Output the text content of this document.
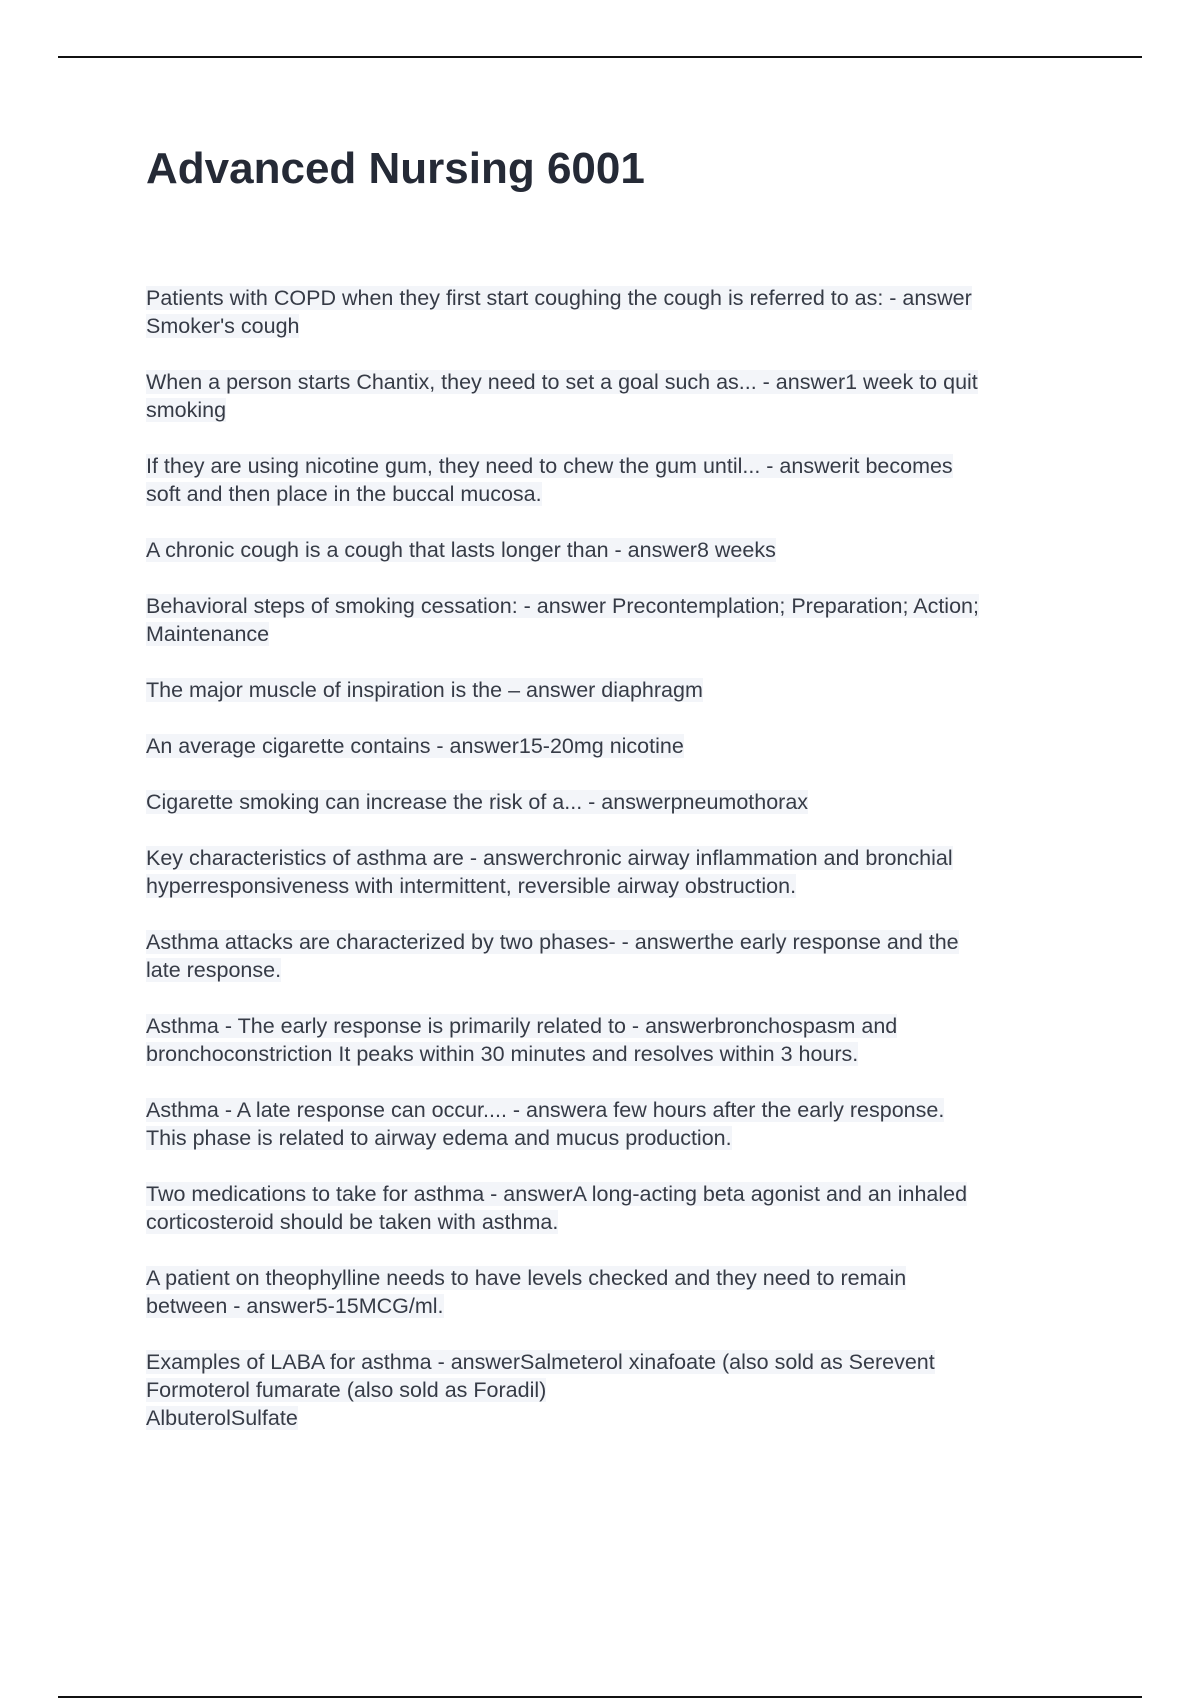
Advanced Nursing 6001
Patients with COPD when they first start coughing the cough is referred to as: - answer
Smoker's cough
When a person starts Chantix, they need to set a goal such as... - answer1 week to quit
smoking
If they are using nicotine gum, they need to chew the gum until... - answerit becomes
soft and then place in the buccal mucosa.
A chronic cough is a cough that lasts longer than - answer8 weeks
Behavioral steps of smoking cessation: - answer Precontemplation; Preparation; Action;
Maintenance
The major muscle of inspiration is the – answer diaphragm
An average cigarette contains - answer15-20mg nicotine
Cigarette smoking can increase the risk of a... - answerpneumothorax
Key characteristics of asthma are - answerchronic airway inflammation and bronchial
hyperresponsiveness with intermittent, reversible airway obstruction.
Asthma attacks are characterized by two phases- - answerthe early response and the
late response.
Asthma - The early response is primarily related to - answerbronchospasm and
bronchoconstriction It peaks within 30 minutes and resolves within 3 hours.
Asthma - A late response can occur.... - answera few hours after the early response.
This phase is related to airway edema and mucus production.
Two medications to take for asthma - answerA long-acting beta agonist and an inhaled
corticosteroid should be taken with asthma.
A patient on theophylline needs to have levels checked and they need to remain
between - answer5-15MCG/ml.
Examples of LABA for asthma - answerSalmeterol xinafoate (also sold as Serevent
Formoterol fumarate (also sold as Foradil)
AlbuterolSulfate
